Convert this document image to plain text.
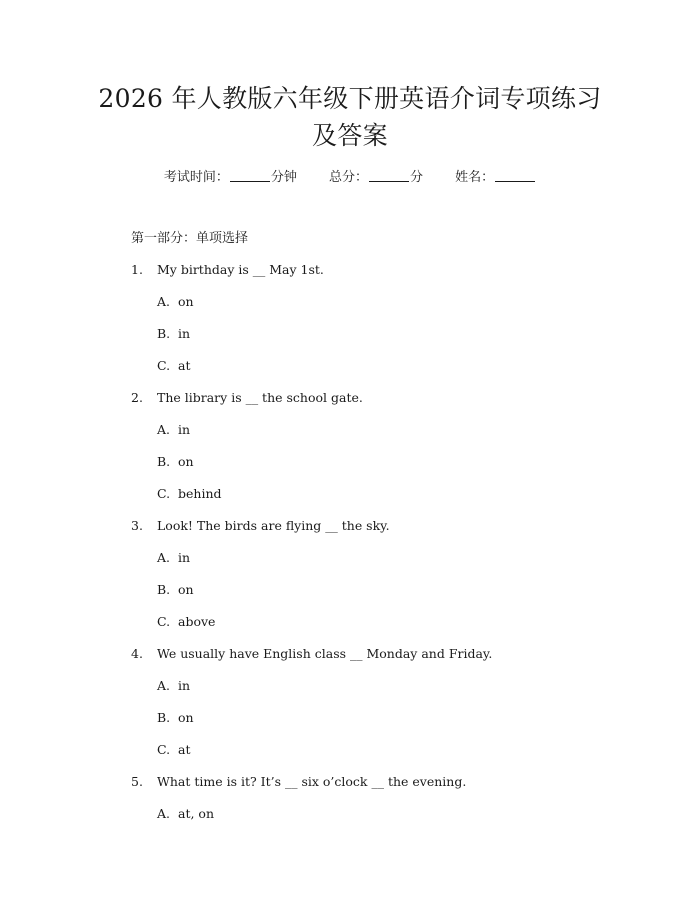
2026 年人教版六年级下册英语介词专项练习
及答案
考试时间：	分钟 总分：	分 姓名：
第一部分：单项选择
1. My birthday is __ May 1st.
A. on
B. in
C. at
2. The library is __ the school gate.
A. in
B. on
C. behind
3. Look! The birds are flying __ the sky.
A. in
B. on
C. above
4. We usually have English class __ Monday and Friday.
A. in
B. on
C. at
5. What time is it? It’s __ six o’clock __ the evening.
A. at, on
